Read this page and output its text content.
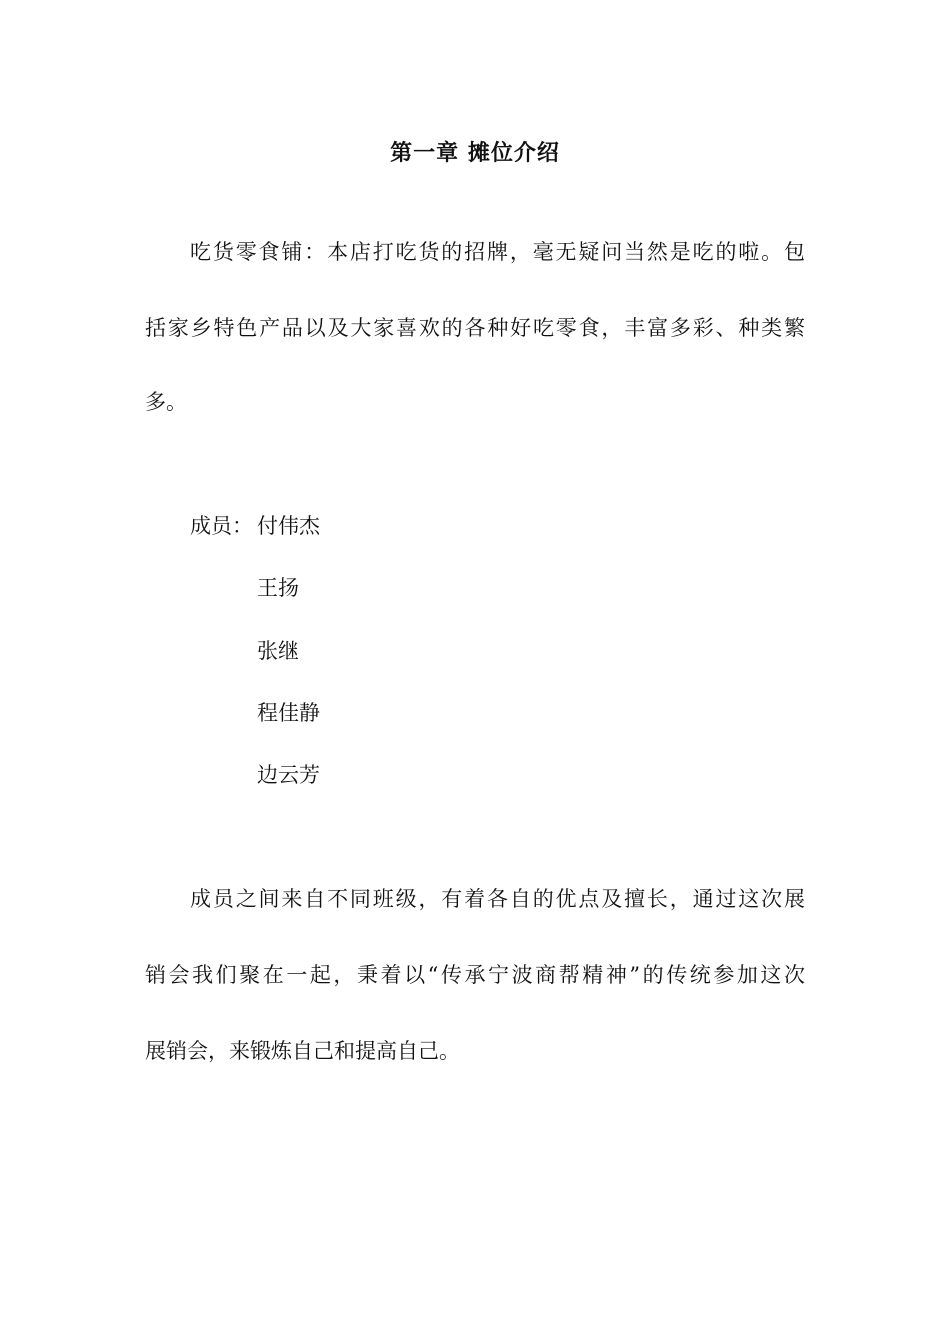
第一章 摊位介绍
吃货零食铺：本店打吃货的招牌，毫无疑问当然是吃的啦。包
括家乡特色产品以及大家喜欢的各种好吃零食，丰富多彩、种类繁
多。
成员： 付伟杰
王扬
张继
程佳静
边云芳
成员之间来自不同班级，有着各自的优点及擅长，通过这次展
销会我们聚在一起，秉着以“传承宁波商帮精神”的传统参加这次
展销会，来锻炼自己和提高自己。
